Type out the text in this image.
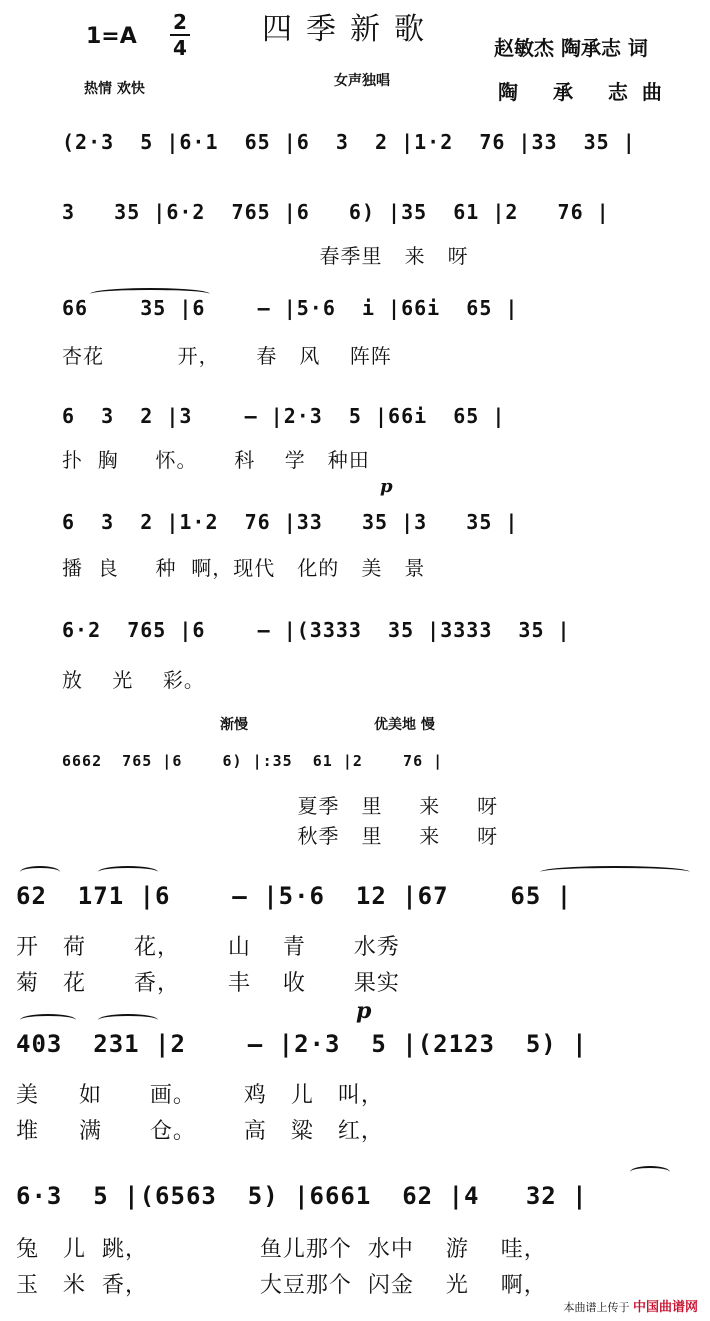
$1=A \frac{2}{4}$ 四季新歌
赵敏杰 陶承志 词
热情 欢快	女声独唱	陶 承 志曲
(2·3  5 |6·1  65 |6  3  2 |1·2  76 |33  35 |
3   35 |6·2  765 |6   6) |35  61 |2   76 |
春季里   来   呀
66    35 |6    — |5·6  i |66i  65 |
杏花          开，     春   风    阵阵
6  3  2 |3    — |2·3  5 |66i  65 |
扑  胸     怀。     科    学   种田
p
6  3  2 |1·2  76 |33   35 |3   35 |
播  良     种  啊，现代   化的   美   景
6·2  765 |6    — |(3333  35 |3333  35 |
放    光    彩。
渐慢	优美地 慢
6662  765 |6    6) |:35  61 |2    76 |
夏季   里     来     呀
秋季   里     来     呀
62  171 |6    — |5·6  12 |67    65 |
开   荷      花，      山    青      水秀
菊   花      香，      丰    收      果实
p
403  231 |2    — |2·3  5 |(2123  5) |
美     如      画。      鸡   儿   叫，
堆     满      仓。      高   粱   红，
6·3  5 |(6563  5) |6661  62 |4   32 |
兔   儿  跳，              鱼儿那个  水中    游    哇，
玉   米  香，              大豆那个  闪金    光    啊，
本曲谱上传于 中国曲谱网
